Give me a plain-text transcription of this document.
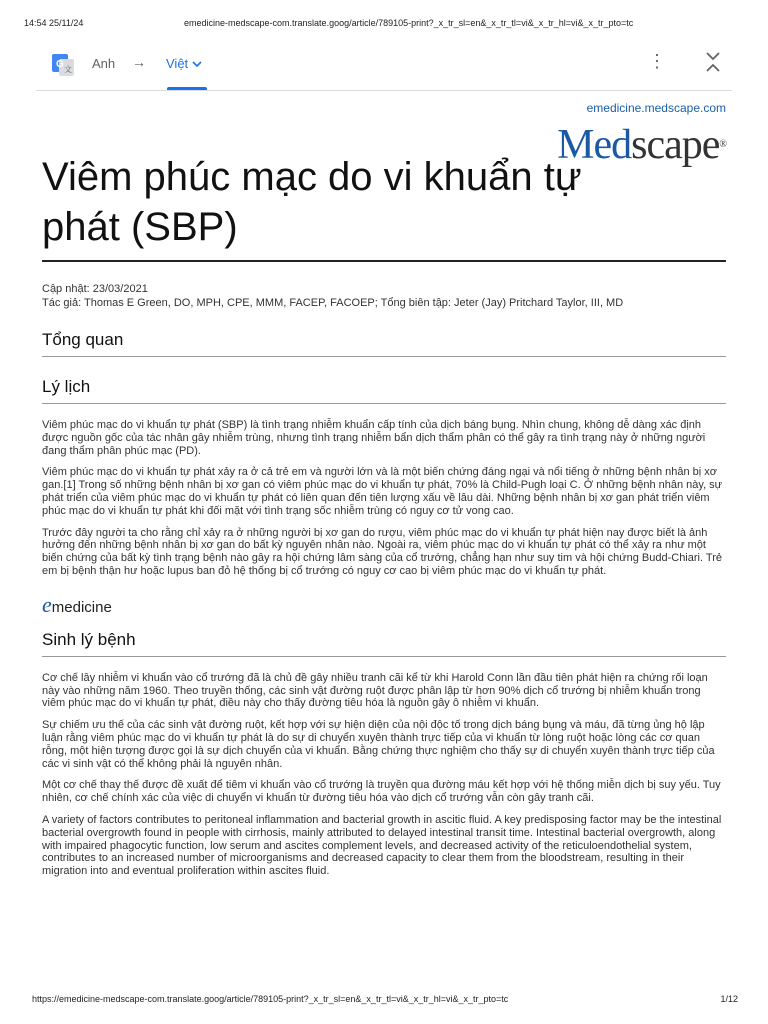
14:54 25/11/24	emedicine-medscape-com.translate.goog/article/789105-print?_x_tr_sl=en&_x_tr_tl=vi&_x_tr_hl=vi&_x_tr_pto=tc
G 文 Anh → Việt	⋮
emedicine.medscape.com
Medscape®
Viêm phúc mạc do vi khuẩn tự phát (SBP)
Cập nhật: 23/03/2021
Tác giả: Thomas E Green, DO, MPH, CPE, MMM, FACEP, FACOEP; Tổng biên tập: Jeter (Jay) Pritchard Taylor, III, MD
Tổng quan
Lý lịch

Viêm phúc mạc do vi khuẩn tự phát (SBP) là tình trạng nhiễm khuẩn cấp tính của dịch báng bụng. Nhìn chung, không dễ dàng xác định được nguồn gốc của tác nhân gây nhiễm trùng, nhưng tình trạng nhiễm bẩn dịch thẩm phân có thể gây ra tình trạng này ở những người đang thẩm phân phúc mạc (PD).

Viêm phúc mạc do vi khuẩn tự phát xảy ra ở cả trẻ em và người lớn và là một biến chứng đáng ngại và nổi tiếng ở những bệnh nhân bị xơ gan.[1] Trong số những bệnh nhân bị xơ gan có viêm phúc mạc do vi khuẩn tự phát, 70% là Child-Pugh loại C. Ở những bệnh nhân này, sự phát triển của viêm phúc mạc do vi khuẩn tự phát có liên quan đến tiên lượng xấu về lâu dài. Những bệnh nhân bị xơ gan phát triển viêm phúc mạc do vi khuẩn tự phát khi đối mặt với tình trạng sốc nhiễm trùng có nguy cơ tử vong cao.

Trước đây người ta cho rằng chỉ xảy ra ở những người bị xơ gan do rượu, viêm phúc mạc do vi khuẩn tự phát hiện nay được biết là ảnh hưởng đến những bệnh nhân bị xơ gan do bất kỳ nguyên nhân nào. Ngoài ra, viêm phúc mạc do vi khuẩn tự phát có thể xảy ra như một biến chứng của bất kỳ tình trạng bệnh nào gây ra hội chứng lâm sàng của cổ trướng, chẳng hạn như suy tim và hội chứng Budd-Chiari. Trẻ em bị bệnh thận hư hoặc lupus ban đỏ hệ thống bị cổ trướng có nguy cơ cao bị viêm phúc mạc do vi khuẩn tự phát.

emedicine
Sinh lý bệnh

Cơ chế lây nhiễm vi khuẩn vào cổ trướng đã là chủ đề gây nhiều tranh cãi kể từ khi Harold Conn lần đầu tiên phát hiện ra chứng rối loạn này vào những năm 1960. Theo truyền thống, các sinh vật đường ruột được phân lập từ hơn 90% dịch cổ trướng bị nhiễm khuẩn trong viêm phúc mạc do vi khuẩn tự phát, điều này cho thấy đường tiêu hóa là nguồn gây ô nhiễm vi khuẩn.

Sự chiếm ưu thế của các sinh vật đường ruột, kết hợp với sự hiện diện của nội độc tố trong dịch báng bụng và máu, đã từng ủng hộ lập luận rằng viêm phúc mạc do vi khuẩn tự phát là do sự di chuyển xuyên thành trực tiếp của vi khuẩn từ lòng ruột hoặc lòng các cơ quan rỗng, một hiện tượng được gọi là sự dịch chuyển của vi khuẩn. Bằng chứng thực nghiệm cho thấy sự di chuyển xuyên thành trực tiếp của các vi sinh vật có thể không phải là nguyên nhân.

Một cơ chế thay thế được đề xuất để tiêm vi khuẩn vào cổ trướng là truyền qua đường máu kết hợp với hệ thống miễn dịch bị suy yếu. Tuy nhiên, cơ chế chính xác của việc di chuyển vi khuẩn từ đường tiêu hóa vào dịch cổ trướng vẫn còn gây tranh cãi.

A variety of factors contributes to peritoneal inflammation and bacterial growth in ascitic fluid. A key predisposing factor may be the intestinal bacterial overgrowth found in people with cirrhosis, mainly attributed to delayed intestinal transit time. Intestinal bacterial overgrowth, along with impaired phagocytic function, low serum and ascites complement levels, and decreased activity of the reticuloendothelial system, contributes to an increased number of microorganisms and decreased capacity to clear them from the bloodstream, resulting in their migration into and eventual proliferation within ascites fluid.

https://emedicine-medscape-com.translate.goog/article/789105-print?_x_tr_sl=en&_x_tr_tl=vi&_x_tr_hl=vi&_x_tr_pto=tc	1/12
